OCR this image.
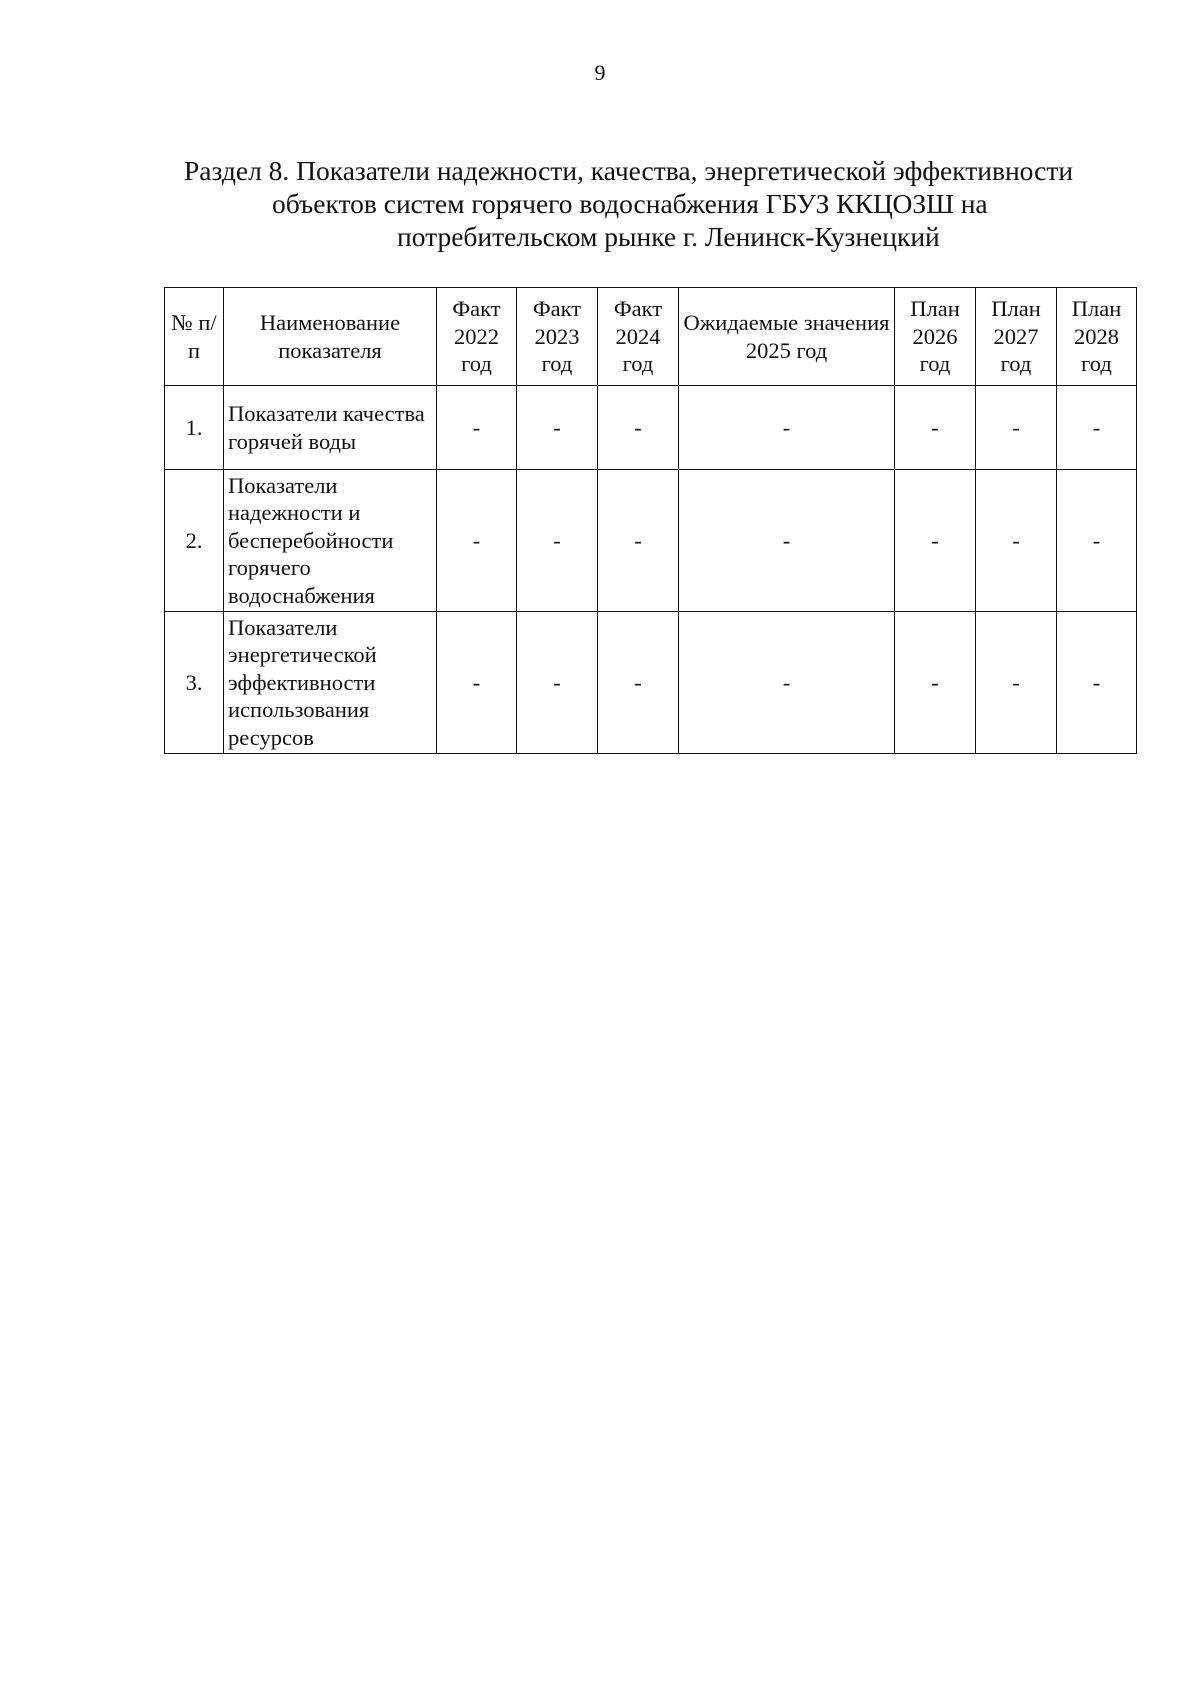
9
Раздел 8. Показатели надежности, качества, энергетической эффективности
объектов систем горячего водоснабжения ГБУЗ ККЦОЗШ на
потребительском рынке г. Ленинск-Кузнецкий
№ п/п	Наименование показателя	Факт 2022 год	Факт 2023 год	Факт 2024 год	Ожидаемые значения 2025 год	План 2026 год	План 2027 год	План 2028 год
1.	Показатели качества горячей воды	-	-	-	-	-	-	-
2.	Показатели надежности и бесперебойности горячего водоснабжения	-	-	-	-	-	-	-
3.	Показатели энергетической эффективности использования ресурсов	-	-	-	-	-	-	-
